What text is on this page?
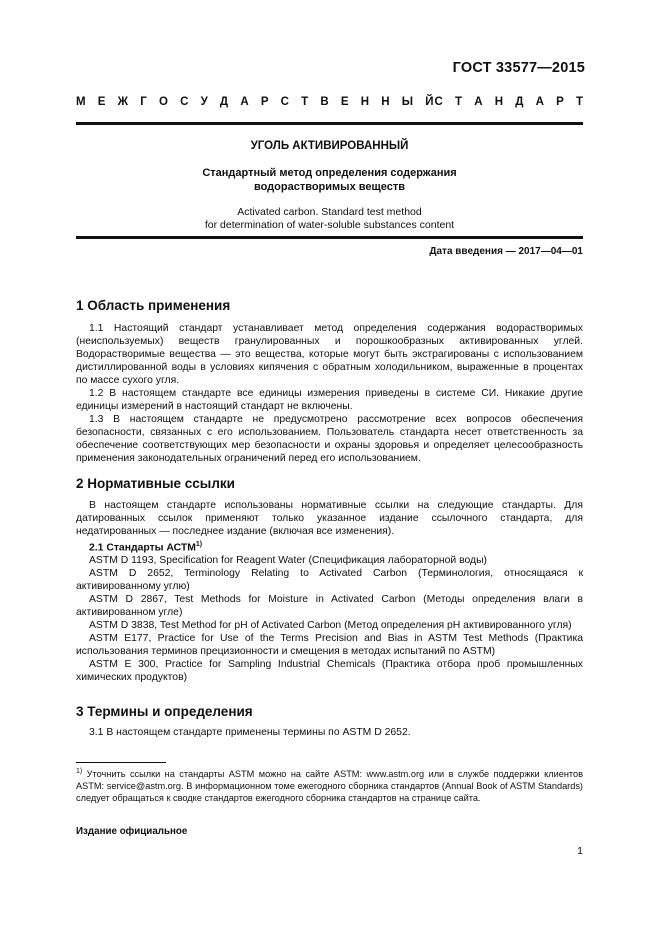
ГОСТ 33577—2015
М Е Ж Г О С У Д А Р С Т В Е Н Н Ы Й С Т А Н Д А Р Т
УГОЛЬ АКТИВИРОВАННЫЙ
Стандартный метод определения содержания
водорастворимых веществ
Activated carbon. Standard test method
for determination of water-soluble substances content
Дата введения — 2017—04—01
1 Область применения

1.1 Настоящий стандарт устанавливает метод определения содержания водорастворимых (неиспользуемых) веществ гранулированных и порошкообразных активированных углей. Водорастворимые вещества — это вещества, которые могут быть экстрагированы с использованием дистиллированной воды в условиях кипячения с обратным холодильником, выраженные в процентах по массе сухого угля.

1.2 В настоящем стандарте все единицы измерения приведены в системе СИ. Никакие другие единицы измерений в настоящий стандарт не включены.

1.3 В настоящем стандарте не предусмотрено рассмотрение всех вопросов обеспечения безопасности, связанных с его использованием. Пользователь стандарта несет ответственность за обеспечение соответствующих мер безопасности и охраны здоровья и определяет целесообразность применения законодательных ограничений перед его использованием.

2 Нормативные ссылки

В настоящем стандарте использованы нормативные ссылки на следующие стандарты. Для датированных ссылок применяют только указанное издание ссылочного стандарта, для недатированных — последнее издание (включая все изменения).

2.1 Стандарты АСТМ$^{1)}$

ASTM D 1193, Specification for Reagent Water (Спецификация лабораторной воды)

ASTM D 2652, Terminology Relating to Activated Carbon (Терминология, относящаяся к активированному углю)

ASTM D 2867, Test Methods for Moisture in Activated Carbon (Методы определения влаги в активированном угле)

ASTM D 3838, Test Method for pH of Activated Carbon (Метод определения pH активированного угля)

ASTM E177, Practice for Use of the Terms Precision and Bias in ASTM Test Methods (Практика использования терминов прецизионности и смещения в методах испытаний по ASTM)

ASTM E 300, Practice for Sampling Industrial Chemicals (Практика отбора проб промышленных химических продуктов)

3 Термины и определения

3.1 В настоящем стандарте применены термины по ASTM D 2652.

$^{1)}$ Уточнить ссылки на стандарты ASTM можно на сайте ASTM: www.astm.org или в службе поддержки клиентов ASTM: service@astm.org. В информационном томе ежегодного сборника стандартов (Annual Book of ASTM Standards) следует обращаться к сводке стандартов ежегодного сборника стандартов на странице сайта.
Издание официальное
1
